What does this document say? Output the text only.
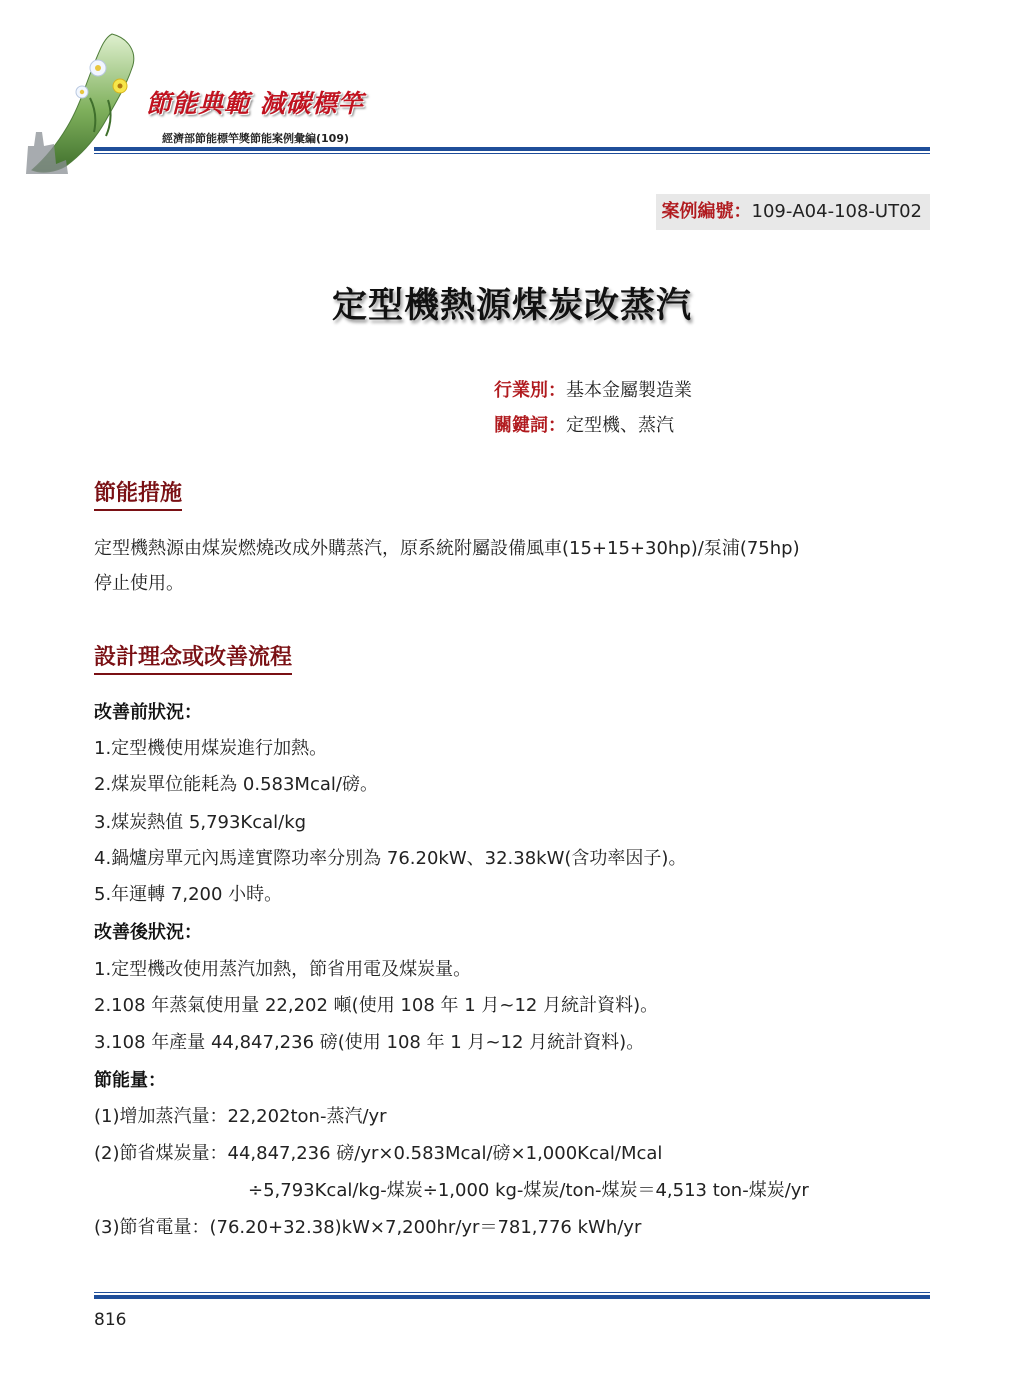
節能典範 減碳標竿
經濟部節能標竿獎節能案例彙編(109)
案例編號：109-A04-108-UT02
定型機熱源煤炭改蒸汽
行業別：基本金屬製造業
關鍵詞：定型機、蒸汽
節能措施
定型機熱源由煤炭燃燒改成外購蒸汽，原系統附屬設備風車(15+15+30hp)/泵浦(75hp)
停止使用。
設計理念或改善流程
改善前狀況：
1.定型機使用煤炭進行加熱。
2.煤炭單位能耗為 0.583Mcal/磅。
3.煤炭熱值 5,793Kcal/kg
4.鍋爐房單元內馬達實際功率分別為 76.20kW、32.38kW(含功率因子)。
5.年運轉 7,200 小時。
改善後狀況：
1.定型機改使用蒸汽加熱，節省用電及煤炭量。
2.108 年蒸氣使用量 22,202 噸(使用 108 年 1 月~12 月統計資料)。
3.108 年產量 44,847,236 磅(使用 108 年 1 月~12 月統計資料)。
節能量：
(1)增加蒸汽量：22,202ton-蒸汽/yr
(2)節省煤炭量：44,847,236 磅/yr×0.583Mcal/磅×1,000Kcal/Mcal
÷5,793Kcal/kg-煤炭÷1,000 kg-煤炭/ton-煤炭＝4,513 ton-煤炭/yr
(3)節省電量：(76.20+32.38)kW×7,200hr/yr＝781,776 kWh/yr
816
